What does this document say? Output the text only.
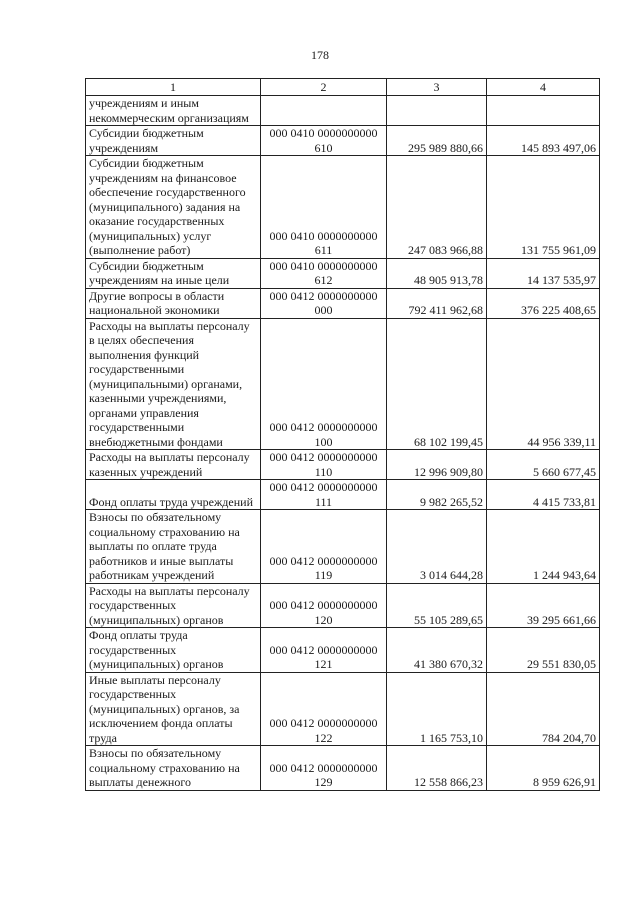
178
1	2	3	4
учреждениям и иным некоммерческим организациям			
Субсидии бюджетным учреждениям	000 0410 0000000000 610	295 989 880,66	145 893 497,06
Субсидии бюджетным учреждениям на финансовое обеспечение государственного (муниципального) задания на оказание государственных (муниципальных) услуг (выполнение работ)	000 0410 0000000000 611	247 083 966,88	131 755 961,09
Субсидии бюджетным учреждениям на иные цели	000 0410 0000000000 612	48 905 913,78	14 137 535,97
Другие вопросы в области национальной экономики	000 0412 0000000000 000	792 411 962,68	376 225 408,65
Расходы на выплаты персоналу в целях обеспечения выполнения функций государственными (муниципальными) органами, казенными учреждениями, органами управления государственными внебюджетными фондами	000 0412 0000000000 100	68 102 199,45	44 956 339,11
Расходы на выплаты персоналу казенных учреждений	000 0412 0000000000 110	12 996 909,80	5 660 677,45
Фонд оплаты труда учреждений	000 0412 0000000000 111	9 982 265,52	4 415 733,81
Взносы по обязательному социальному страхованию на выплаты по оплате труда работников и иные выплаты работникам учреждений	000 0412 0000000000 119	3 014 644,28	1 244 943,64
Расходы на выплаты персоналу государственных (муниципальных) органов	000 0412 0000000000 120	55 105 289,65	39 295 661,66
Фонд оплаты труда государственных (муниципальных) органов	000 0412 0000000000 121	41 380 670,32	29 551 830,05
Иные выплаты персоналу государственных (муниципальных) органов, за исключением фонда оплаты труда	000 0412 0000000000 122	1 165 753,10	784 204,70
Взносы по обязательному социальному страхованию на выплаты денежного	000 0412 0000000000 129	12 558 866,23	8 959 626,91
